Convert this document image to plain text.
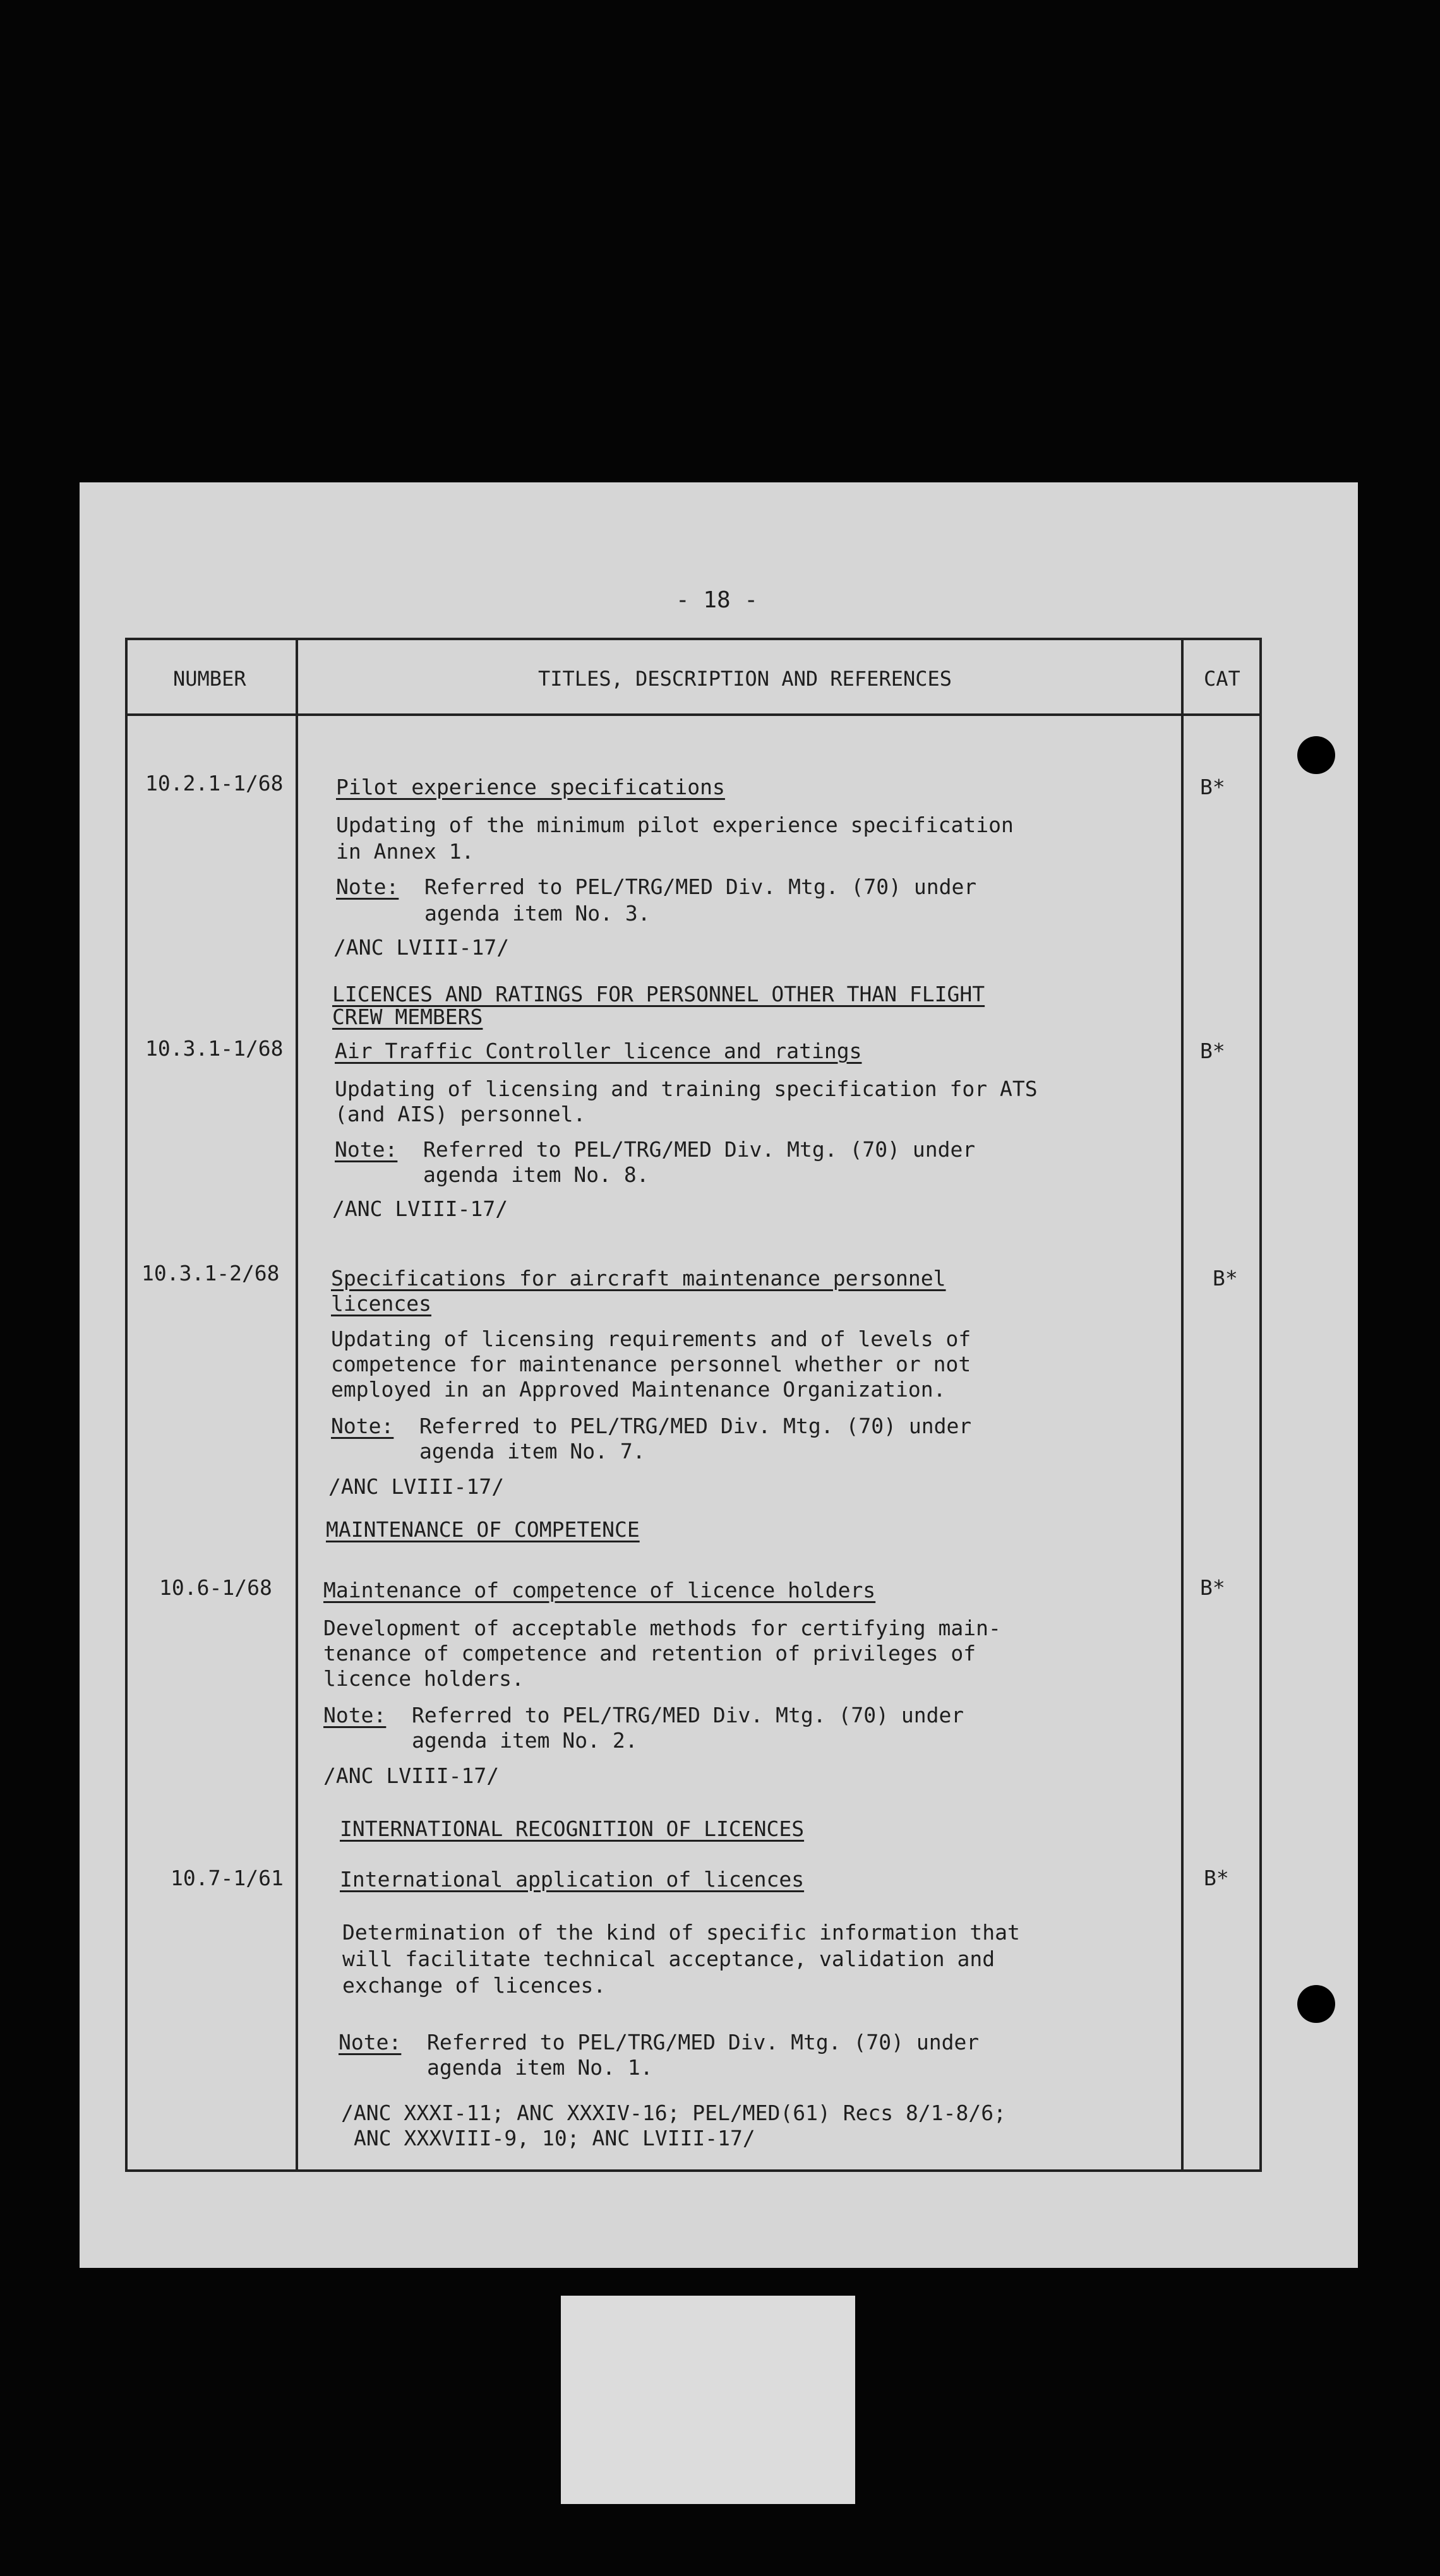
- 18 -
NUMBER	TITLES, DESCRIPTION AND REFERENCES	CAT
10.2.1-1/68	Pilot experience specifications
Updating of the minimum pilot experience specification
in Annex 1.
Note: Referred to PEL/TRG/MED Div. Mtg. (70) under
agenda item No. 3.
/ANC LVIII-17/
B*
LICENCES AND RATINGS FOR PERSONNEL OTHER THAN FLIGHT
CREW MEMBERS
10.3.1-1/68 Air Traffic Controller licence and ratings
Updating of licensing and training specification for ATS
(and AIS) personnel.
Note: Referred to PEL/TRG/MED Div. Mtg. (70) under
agenda item No. 8.
/ANC LVIII-17/
B*
10.3.1-2/68 Specifications for aircraft maintenance personnel
licences
Updating of licensing requirements and of levels of
competence for maintenance personnel whether or not
employed in an Approved Maintenance Organization.
Note: Referred to PEL/TRG/MED Div. Mtg. (70) under
agenda item No. 7.
/ANC LVIII-17/
B*
MAINTENANCE OF COMPETENCE
10.6-1/68 Maintenance of competence of licence holders
Development of acceptable methods for certifying main-
tenance of competence and retention of privileges of
licence holders.
Note: Referred to PEL/TRG/MED Div. Mtg. (70) under
agenda item No. 2.
/ANC LVIII-17/
B*
INTERNATIONAL RECOGNITION OF LICENCES
10.7-1/61	International application of licences
Determination of the kind of specific information that
will facilitate technical acceptance, validation and
exchange of licences.
Note: Referred to PEL/TRG/MED Div. Mtg. (70) under
agenda item No. 1.
/ANC XXXI-11; ANC XXXIV-16; PEL/MED(61) Recs 8/1-8/6;
ANC XXXVIII-9, 10; ANC LVIII-17/
B*
